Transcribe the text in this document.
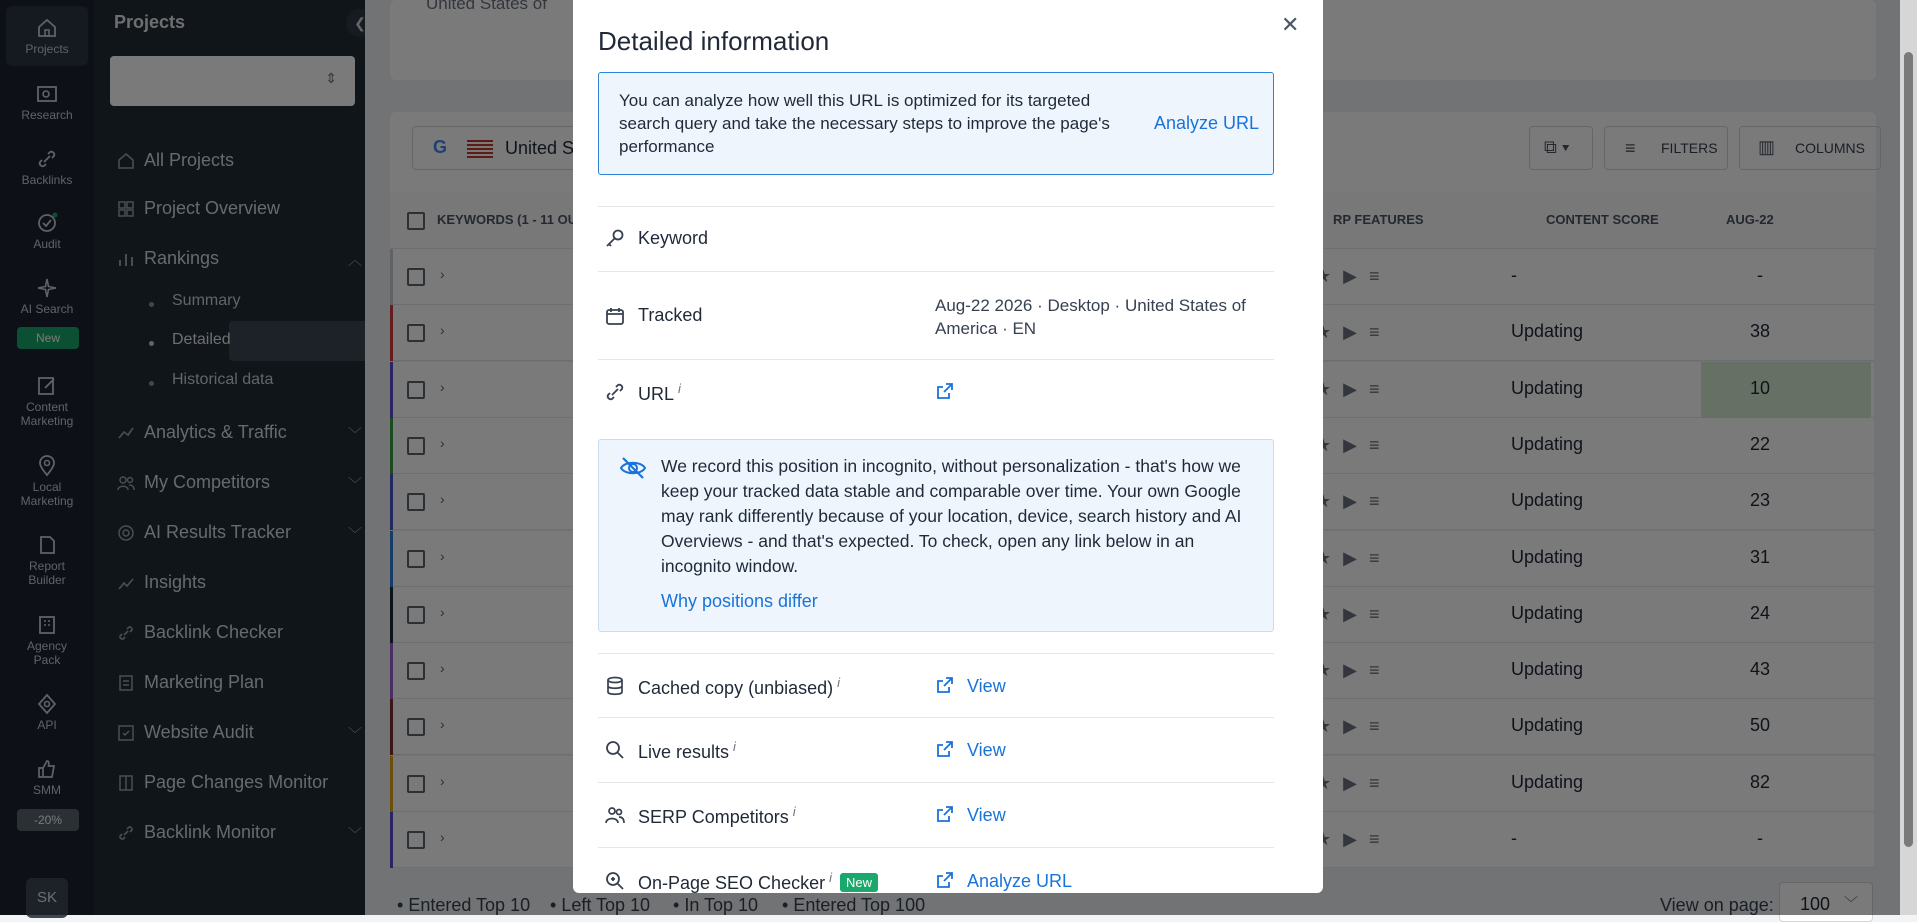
Detailed information
✕
You can analyze how well this URL is optimized for its targeted search query and take the necessary steps to improve the page's performance
Analyze URL
Keyword
Tracked	Aug-22 2026 · Desktop · United States of America · EN
URL $^i$
We record this position in incognito, without personalization - that's how we keep your tracked data stable and comparable over time. Your own Google may rank differently because of your location, device, search history and AI Overviews - and that's expected. To check, open any link below in an incognito window.
Why positions differ
Cached copy (unbiased) $^i$	View
Live results $^i$	View
SERP Competitors $^i$	View
On-Page SEO Checker $^i$ New	Analyze URL
